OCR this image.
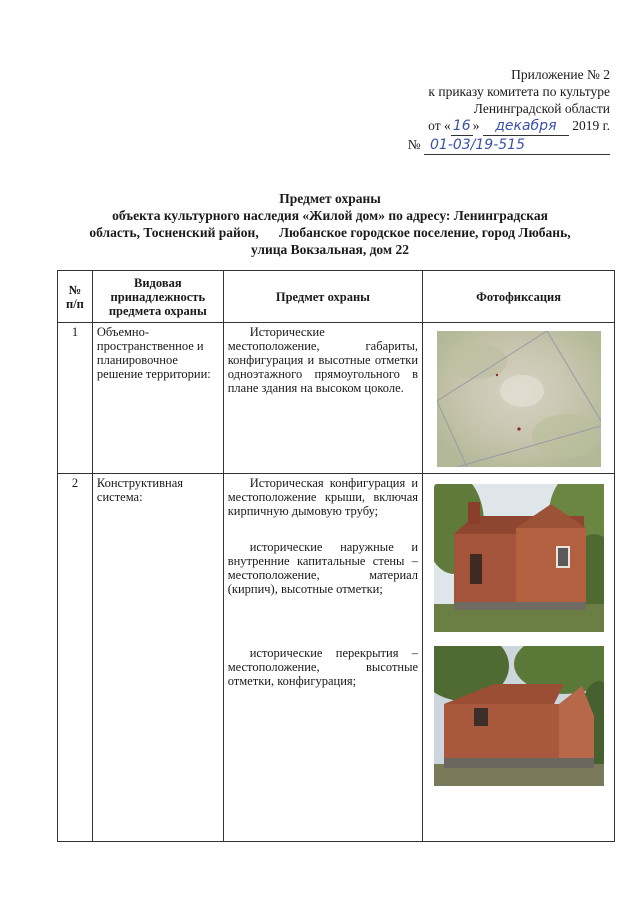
Приложение № 2
к приказу комитета по культуре
Ленинградской области
от « 16 » декабря 2019 г.
№ 01-03/19-515
Предмет охраны
объекта культурного наследия «Жилой дом» по адресу: Ленинградская
область, Тосненский район,      Любанское городское поселение, город Любань,
улица Вокзальная, дом 22
№ п/п	Видовая принадлежность предмета охраны	Предмет охраны	Фотофиксация
1	Объемно-пространственное и планировочное решение территории:	Исторические местоположение, габариты, конфигурация и высотные отметки одноэтажного прямоугольного в плане здания на высоком цоколе.	

2	Конструктивная система:	Историческая конфигурация и местоположение крыши, включая кирпичную дымовую трубу;

исторические наружные и внутренние капитальные стены – местоположение, материал (кирпич), высотные отметки;

исторические перекрытия – местоположение, высотные отметки, конфигурация;
